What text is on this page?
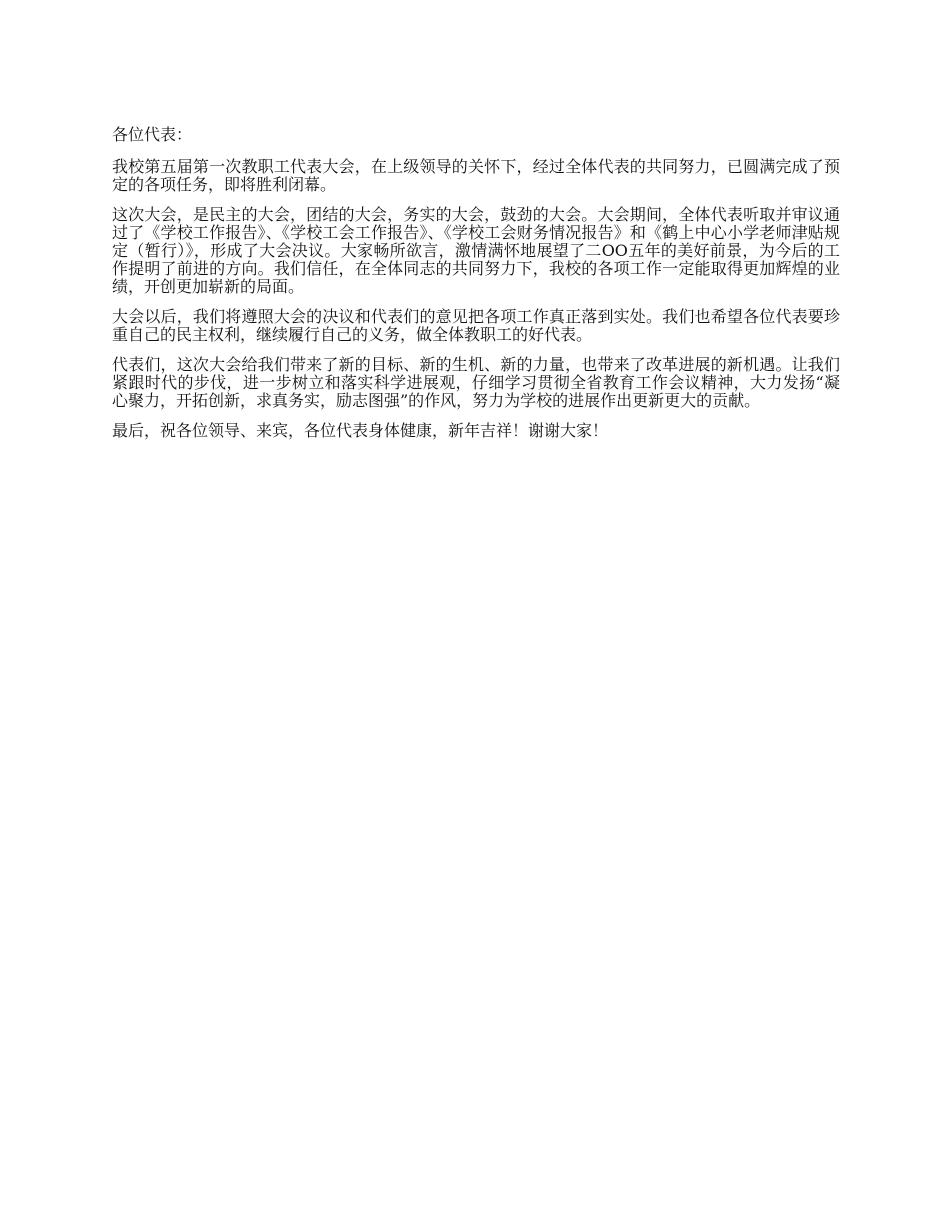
各位代表：

我校第五届第一次教职工代表大会，在上级领导的关怀下，经过全体代表的共同努力，已圆满完成了预定的各项任务，即将胜利闭幕。

这次大会，是民主的大会，团结的大会，务实的大会，鼓劲的大会。大会期间，全体代表听取并审议通过了《学校工作报告》、《学校工会工作报告》、《学校工会财务情况报告》和《鹤上中心小学老师津贴规定（暂行）》，形成了大会决议。大家畅所欲言，激情满怀地展望了二OO五年的美好前景，为今后的工作提明了前进的方向。我们信任，在全体同志的共同努力下，我校的各项工作一定能取得更加辉煌的业绩，开创更加崭新的局面。

大会以后，我们将遵照大会的决议和代表们的意见把各项工作真正落到实处。我们也希望各位代表要珍重自己的民主权利，继续履行自己的义务，做全体教职工的好代表。

代表们，这次大会给我们带来了新的目标、新的生机、新的力量，也带来了改革进展的新机遇。让我们紧跟时代的步伐，进一步树立和落实科学进展观，仔细学习贯彻全省教育工作会议精神，大力发扬“凝心聚力，开拓创新，求真务实，励志图强”的作风，努力为学校的进展作出更新更大的贡献。

最后，祝各位领导、来宾，各位代表身体健康，新年吉祥！谢谢大家！
